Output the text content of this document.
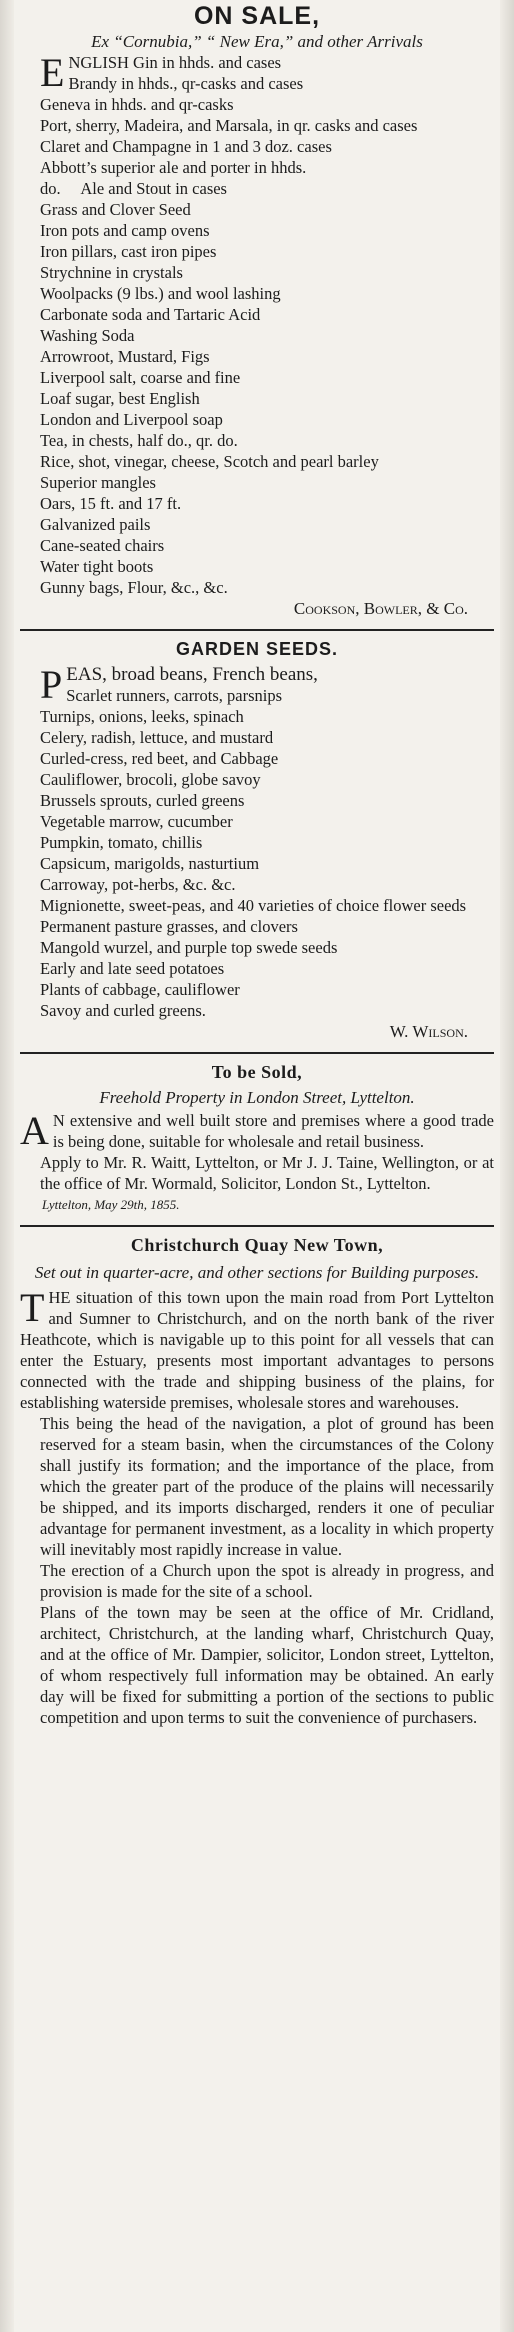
ON SALE,
Ex “Cornubia,” “ New Era,” and other Arrivals

ENGLISH Gin in hhds. and cases

Brandy in hhds., qr-casks and cases

Geneva in hhds. and qr-casks

Port, sherry, Madeira, and Marsala, in qr. casks and cases

Claret and Champagne in 1 and 3 doz. cases

Abbott’s superior ale and porter in hhds.

do.     Ale and Stout in cases

Grass and Clover Seed

Iron pots and camp ovens

Iron pillars, cast iron pipes

Strychnine in crystals

Woolpacks (9 lbs.) and wool lashing

Carbonate soda and Tartaric Acid

Washing Soda

Arrowroot, Mustard, Figs

Liverpool salt, coarse and fine

Loaf sugar, best English

London and Liverpool soap

Tea, in chests, half do., qr. do.

Rice, shot, vinegar, cheese, Scotch and pearl barley

Superior mangles

Oars, 15 ft. and 17 ft.

Galvanized pails

Cane-seated chairs

Water tight boots

Gunny bags, Flour, &c., &c.

Cookson, Bowler, & Co.

GARDEN SEEDS.

PEAS, broad beans, French beans,

Scarlet runners, carrots, parsnips

Turnips, onions, leeks, spinach

Celery, radish, lettuce, and mustard

Curled-cress, red beet, and Cabbage

Cauliflower, brocoli, globe savoy

Brussels sprouts, curled greens

Vegetable marrow, cucumber

Pumpkin, tomato, chillis

Capsicum, marigolds, nasturtium

Carroway, pot-herbs, &c. &c.

Mignionette, sweet-peas, and 40 varieties of choice flower seeds

Permanent pasture grasses, and clovers

Mangold wurzel, and purple top swede seeds

Early and late seed potatoes

Plants of cabbage, cauliflower

Savoy and curled greens.

W. Wilson.

To be Sold,
Freehold Property in London Street, Lyttelton.

A N extensive and well built store and premises where a good trade is being done, suitable for wholesale and retail business.

Apply to Mr. R. Waitt, Lyttelton, or Mr J. J. Taine, Wellington, or at the office of Mr. Wormald, Solicitor, London St., Lyttelton.

Lyttelton, May 29th, 1855.

Christchurch Quay New Town,
Set out in quarter-acre, and other sections for Building purposes.

THE situation of this town upon the main road from Port Lyttelton and Sumner to Christchurch, and on the north bank of the river Heathcote, which is navigable up to this point for all vessels that can enter the Estuary, presents most important advantages to persons connected with the trade and shipping business of the plains, for establishing waterside premises, wholesale stores and warehouses.

This being the head of the navigation, a plot of ground has been reserved for a steam basin, when the circumstances of the Colony shall justify its formation; and the importance of the place, from which the greater part of the produce of the plains will necessarily be shipped, and its imports discharged, renders it one of peculiar advantage for permanent investment, as a locality in which property will inevitably most rapidly increase in value.

The erection of a Church upon the spot is already in progress, and provision is made for the site of a school.

Plans of the town may be seen at the office of Mr. Cridland, architect, Christchurch, at the landing wharf, Christchurch Quay, and at the office of Mr. Dampier, solicitor, London street, Lyttelton, of whom respectively full information may be obtained. An early day will be fixed for submitting a portion of the sections to public competition and upon terms to suit the convenience of purchasers.
